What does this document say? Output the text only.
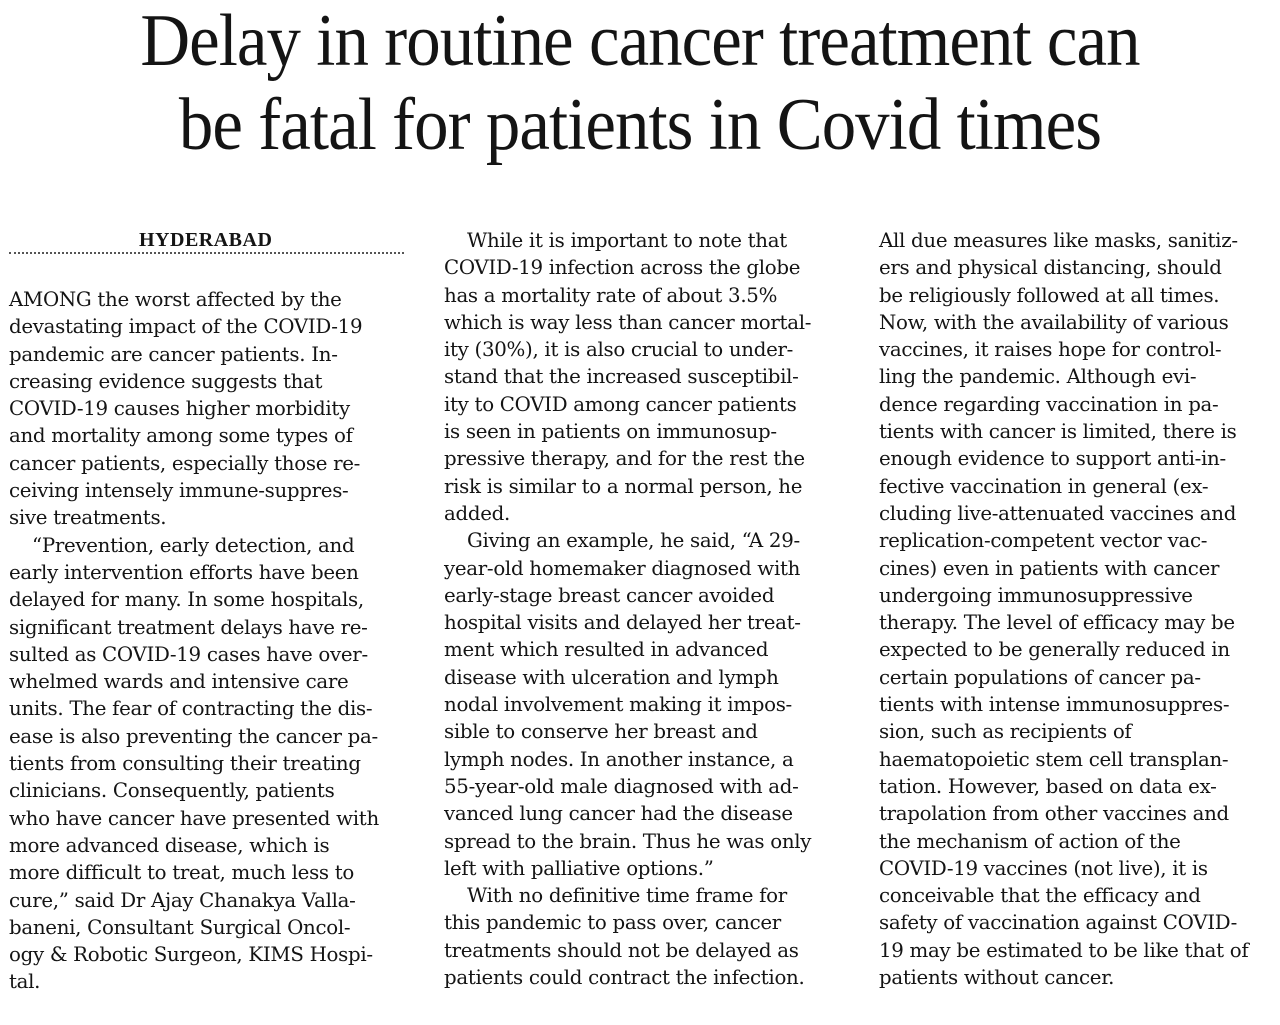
Delay in routine cancer treatment can
be fatal for patients in Covid times
HYDERABAD
AMONG the worst affected by the
devastating impact of the COVID-19
pandemic are cancer patients. In-
creasing evidence suggests that
COVID-19 causes higher morbidity
and mortality among some types of
cancer patients, especially those re-
ceiving intensely immune-suppres-
sive treatments.
“Prevention, early detection, and
early intervention efforts have been
delayed for many. In some hospitals,
significant treatment delays have re-
sulted as COVID-19 cases have over-
whelmed wards and intensive care
units. The fear of contracting the dis-
ease is also preventing the cancer pa-
tients from consulting their treating
clinicians. Consequently, patients
who have cancer have presented with
more advanced disease, which is
more difficult to treat, much less to
cure,” said Dr Ajay Chanakya Valla-
baneni, Consultant Surgical Oncol-
ogy & Robotic Surgeon, KIMS Hospi-
tal.
While it is important to note that
COVID-19 infection across the globe
has a mortality rate of about 3.5%
which is way less than cancer mortal-
ity (30%), it is also crucial to under-
stand that the increased susceptibil-
ity to COVID among cancer patients
is seen in patients on immunosup-
pressive therapy, and for the rest the
risk is similar to a normal person, he
added.
Giving an example, he said, “A 29-
year-old homemaker diagnosed with
early-stage breast cancer avoided
hospital visits and delayed her treat-
ment which resulted in advanced
disease with ulceration and lymph
nodal involvement making it impos-
sible to conserve her breast and
lymph nodes. In another instance, a
55-year-old male diagnosed with ad-
vanced lung cancer had the disease
spread to the brain. Thus he was only
left with palliative options.”
With no definitive time frame for
this pandemic to pass over, cancer
treatments should not be delayed as
patients could contract the infection.
All due measures like masks, sanitiz-
ers and physical distancing, should
be religiously followed at all times.
Now, with the availability of various
vaccines, it raises hope for control-
ling the pandemic. Although evi-
dence regarding vaccination in pa-
tients with cancer is limited, there is
enough evidence to support anti-in-
fective vaccination in general (ex-
cluding live-attenuated vaccines and
replication-competent vector vac-
cines) even in patients with cancer
undergoing immunosuppressive
therapy. The level of efficacy may be
expected to be generally reduced in
certain populations of cancer pa-
tients with intense immunosuppres-
sion, such as recipients of
haematopoietic stem cell transplan-
tation. However, based on data ex-
trapolation from other vaccines and
the mechanism of action of the
COVID-19 vaccines (not live), it is
conceivable that the efficacy and
safety of vaccination against COVID-
19 may be estimated to be like that of
patients without cancer.
